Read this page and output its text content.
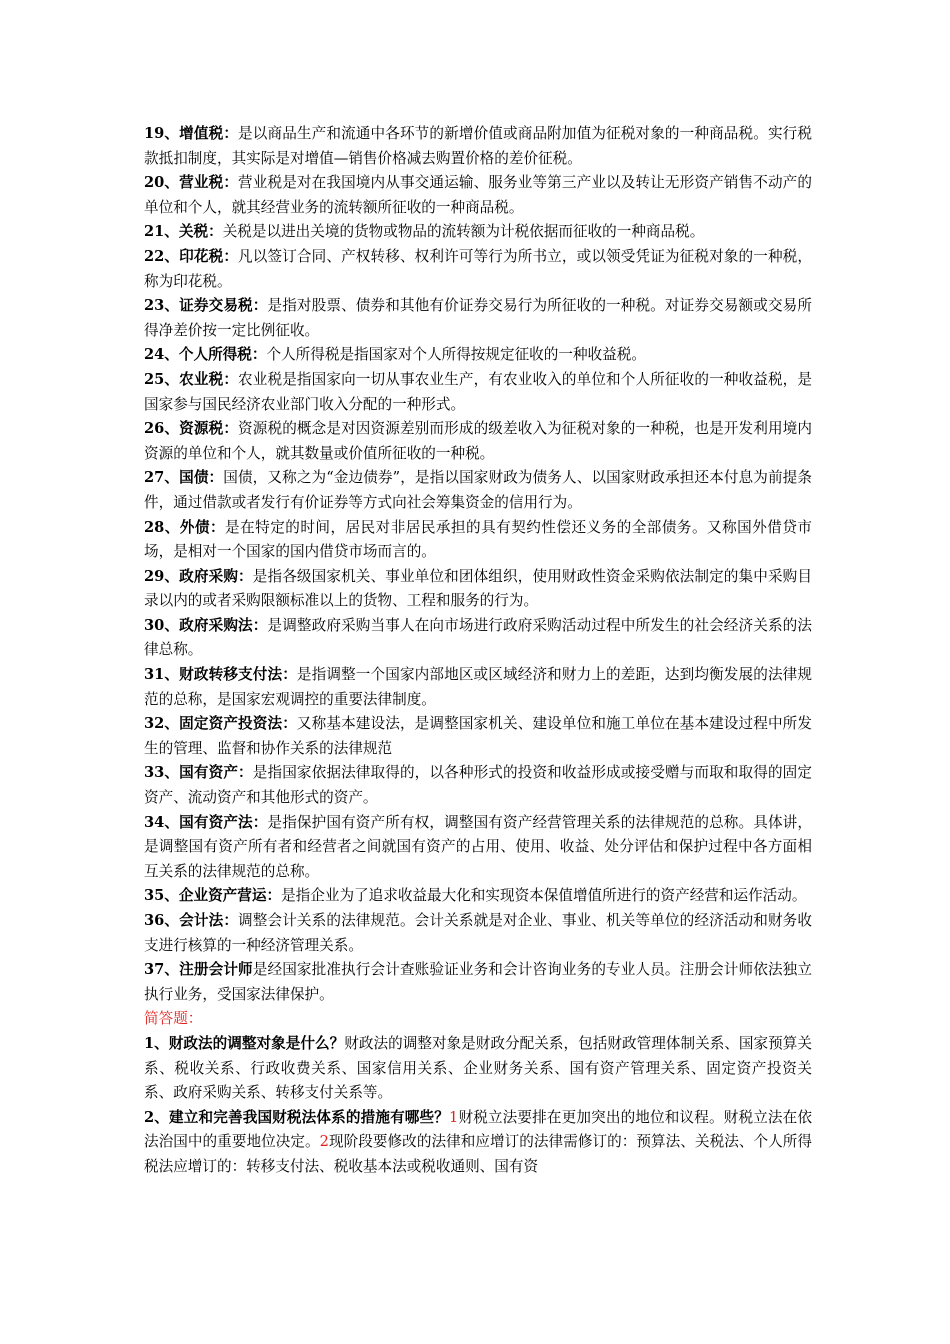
19、增值税：是以商品生产和流通中各环节的新增价值或商品附加值为征税对象的一种商品税。实行税款抵扣制度，其实际是对增值—销售价格减去购置价格的差价征税。

20、营业税：营业税是对在我国境内从事交通运输、服务业等第三产业以及转让无形资产销售不动产的单位和个人，就其经营业务的流转额所征收的一种商品税。

21、关税：关税是以进出关境的货物或物品的流转额为计税依据而征收的一种商品税。

22、印花税：凡以签订合同、产权转移、权利许可等行为所书立，或以领受凭证为征税对象的一种税，称为印花税。

23、证券交易税：是指对股票、债券和其他有价证券交易行为所征收的一种税。对证券交易额或交易所得净差价按一定比例征收。

24、个人所得税：个人所得税是指国家对个人所得按规定征收的一种收益税。

25、农业税：农业税是指国家向一切从事农业生产，有农业收入的单位和个人所征收的一种收益税，是国家参与国民经济农业部门收入分配的一种形式。

26、资源税：资源税的概念是对因资源差别而形成的级差收入为征税对象的一种税，也是开发利用境内资源的单位和个人，就其数量或价值所征收的一种税。

27、国债：国债，又称之为“金边债券”，是指以国家财政为债务人、以国家财政承担还本付息为前提条件，通过借款或者发行有价证券等方式向社会筹集资金的信用行为。

28、外债：是在特定的时间，居民对非居民承担的具有契约性偿还义务的全部债务。又称国外借贷市场，是相对一个国家的国内借贷市场而言的。

29、政府采购：是指各级国家机关、事业单位和团体组织，使用财政性资金采购依法制定的集中采购目录以内的或者采购限额标准以上的货物、工程和服务的行为。

30、政府采购法：是调整政府采购当事人在向市场进行政府采购活动过程中所发生的社会经济关系的法律总称。

31、财政转移支付法：是指调整一个国家内部地区或区域经济和财力上的差距，达到均衡发展的法律规范的总称，是国家宏观调控的重要法律制度。

32、固定资产投资法：又称基本建设法，是调整国家机关、建设单位和施工单位在基本建设过程中所发生的管理、监督和协作关系的法律规范

33、国有资产：是指国家依据法律取得的，以各种形式的投资和收益形成或接受赠与而取和取得的固定资产、流动资产和其他形式的资产。

34、国有资产法：是指保护国有资产所有权，调整国有资产经营管理关系的法律规范的总称。具体讲，是调整国有资产所有者和经营者之间就国有资产的占用、使用、收益、处分评估和保护过程中各方面相互关系的法律规范的总称。

35、企业资产营运：是指企业为了追求收益最大化和实现资本保值增值所进行的资产经营和运作活动。

36、会计法：调整会计关系的法律规范。会计关系就是对企业、事业、机关等单位的经济活动和财务收支进行核算的一种经济管理关系。

37、注册会计师是经国家批准执行会计查账验证业务和会计咨询业务的专业人员。注册会计师依法独立执行业务，受国家法律保护。

简答题：

1、财政法的调整对象是什么？财政法的调整对象是财政分配关系，包括财政管理体制关系、国家预算关系、税收关系、行政收费关系、国家信用关系、企业财务关系、国有资产管理关系、固定资产投资关系、政府采购关系、转移支付关系等。

2、建立和完善我国财税法体系的措施有哪些？1财税立法要排在更加突出的地位和议程。财税立法在依法治国中的重要地位决定。2现阶段要修改的法律和应增订的法律需修订的：预算法、关税法、个人所得税法应增订的：转移支付法、税收基本法或税收通则、国有资
